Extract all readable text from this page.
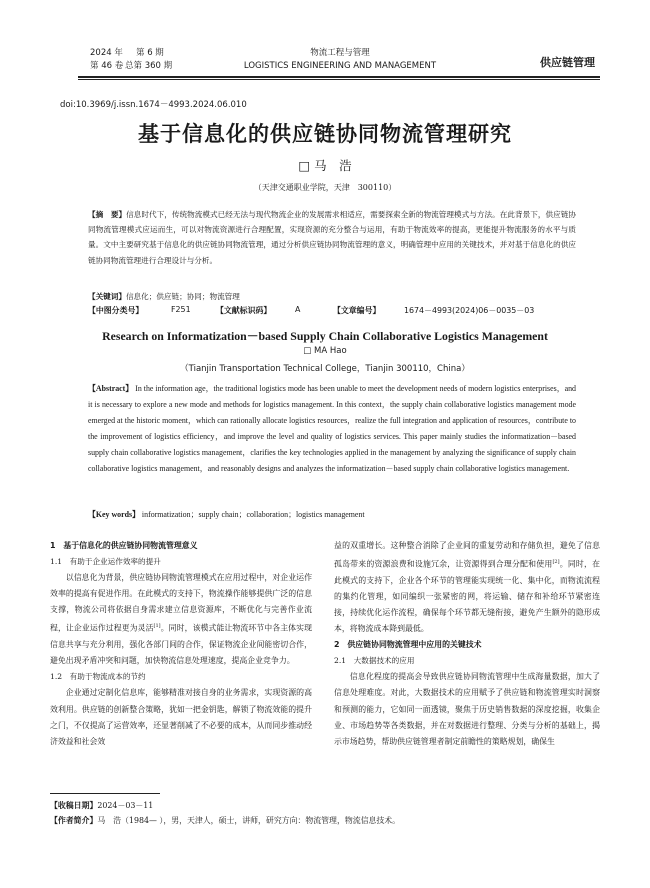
2024 年	第 6 期
第 46 卷 总第 360 期
物流工程与管理
LOGISTICS ENGINEERING AND MANAGEMENT	供应链管理
doi:10.3969/j.issn.1674－4993.2024.06.010
基于信息化的供应链协同物流管理研究
□ 马　浩
（天津交通职业学院，天津　300110）
【摘　要】信息时代下，传统物流模式已经无法与现代物流企业的发展需求相适应，需要探索全新的物流管理模式与方法。在此背景下，供应链协同物流管理模式应运而生，可以对物流资源进行合理配置，实现资源的充分整合与运用，有助于物流效率的提高，更能提升物流服务的水平与质量。文中主要研究基于信息化的供应链协同物流管理，通过分析供应链协同物流管理的意义，明确管理中应用的关键技术，并对基于信息化的供应链协同物流管理进行合理设计与分析。
【关键词】信息化；供应链；协同；物流管理
【中图分类号】	F251	【文献标识码】	A	【文章编号】	1674－4993(2024)06－0035－03
Research on Informatization－based Supply Chain Collaborative Logistics Management
□ MA Hao
（Tianjin Transportation Technical College，Tianjin 300110，China）
【Abstract】 In the information age，the traditional logistics mode has been unable to meet the development needs of modern logistics enterprises，and it is necessary to explore a new mode and methods for logistics management. In this context，the supply chain collaborative logistics management mode emerged at the historic moment，which can rationally allocate logistics resources，realize the full integration and application of resources，contribute to the improvement of logistics efficiency，and improve the level and quality of logistics services. This paper mainly studies the informatization－based supply chain collaborative logistics management，clarifies the key technologies applied in the management by analyzing the significance of supply chain collaborative logistics management，and reasonably designs and analyzes the informatization－based supply chain collaborative logistics management.
【Key words】 informatization；supply chain；collaboration；logistics management

1　基于信息化的供应链协同物流管理意义

1.1　有助于企业运作效率的提升

以信息化为背景，供应链协同物流管理模式在应用过程中，对企业运作效率的提高有促进作用。在此模式的支持下，物流操作能够提供广泛的信息支撑，物流公司将依据自身需求建立信息资源库，不断优化与完善作业流程，让企业运作过程更为灵活[1]。同时，该模式能让物流环节中各主体实现信息共享与充分利用，强化各部门间的合作，保证物流企业间能密切合作，避免出现矛盾冲突和问题，加快物流信息处理速度，提高企业竞争力。

1.2　有助于物流成本的节约

企业通过定制化信息库，能够精准对接自身的业务需求，实现资源的高效利用。供应链的创新整合策略，犹如一把金钥匙，解锁了物流效能的提升之门，不仅提高了运营效率，还显著削减了不必要的成本，从而同步推动经济效益和社会效

益的双重增长。这种整合消除了企业间的重复劳动和存储负担，避免了信息孤岛带来的资源浪费和设施冗余，让资源得到合理分配和使用[2]。同时，在此模式的支持下，企业各个环节的管理能实现统一化、集中化，而物流流程的集约化管理，如同编织一张紧密的网，将运输、储存和补给环节紧密连接，持续优化运作流程，确保每个环节都无缝衔接，避免产生额外的隐形成本，将物流成本降到最低。

2　供应链协同物流管理中应用的关键技术

2.1　大数据技术的应用

信息化程度的提高会导致供应链协同物流管理中生成海量数据，加大了信息处理难度。对此，大数据技术的应用赋予了供应链和物流管理实时洞察和预测的能力，它如同一面透镜，聚焦于历史销售数据的深度挖掘，收集企业、市场趋势等各类数据，并在对数据进行整理、分类与分析的基础上，揭示市场趋势，帮助供应链管理者制定前瞻性的策略规划，确保生

【收稿日期】2024－03－11
【作者简介】马　浩（1984— ），男，天津人，硕士，讲师，研究方向：物流管理，物流信息技术。
